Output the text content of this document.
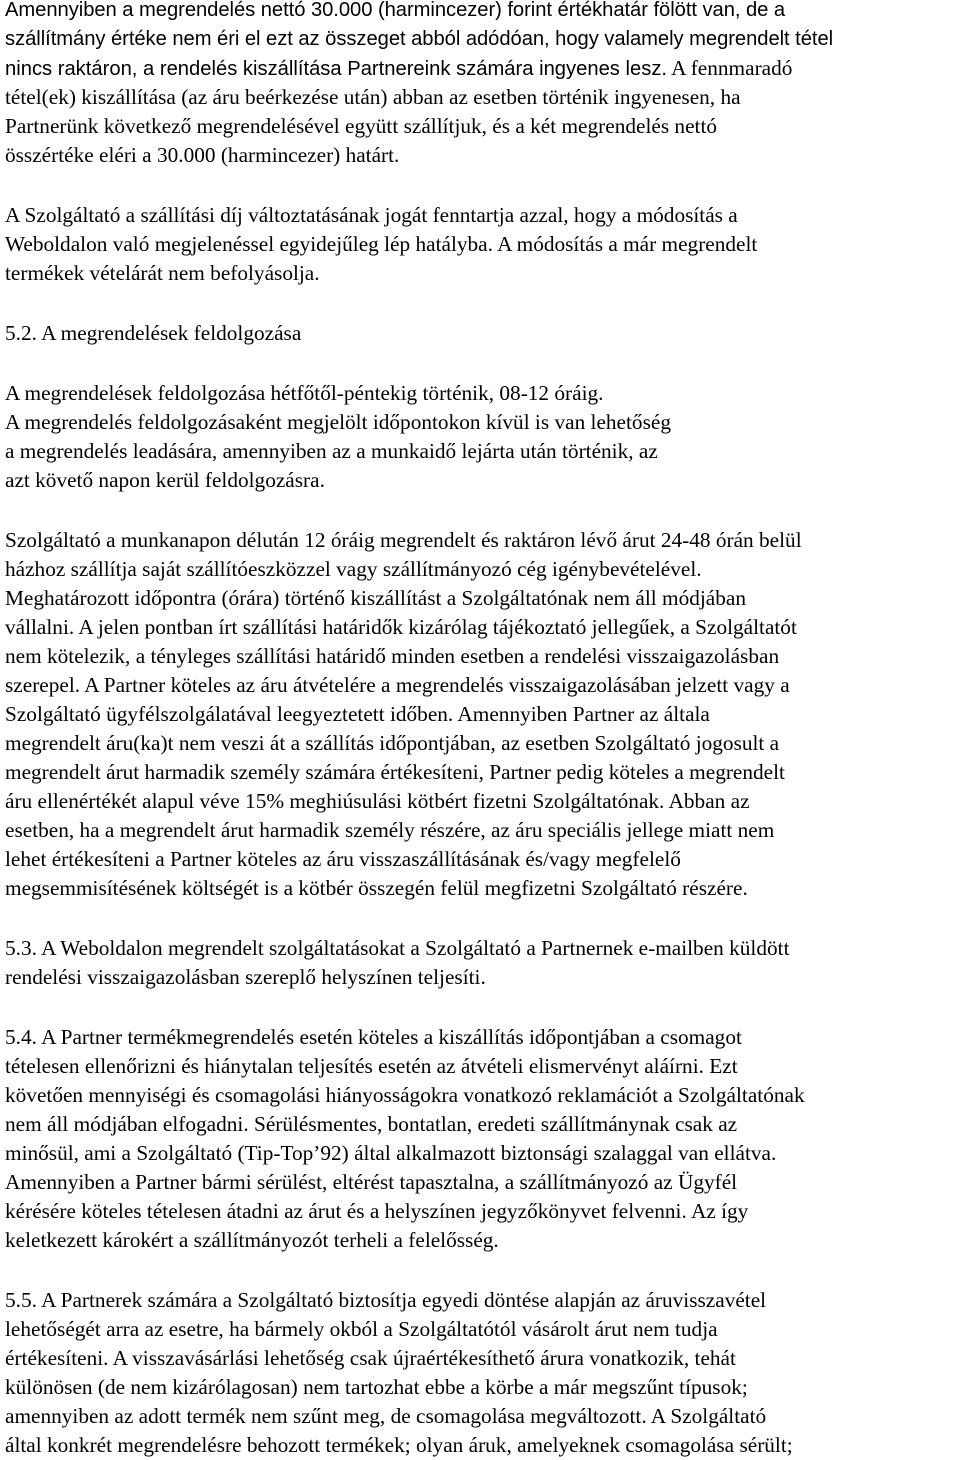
Amennyiben a megrendelés nettó 30.000 (harmincezer) forint értékhatár fölött van, de a
szállítmány értéke nem éri el ezt az összeget abból adódóan, hogy valamely megrendelt tétel
nincs raktáron, a rendelés kiszállítása Partnereink számára ingyenes lesz. A fennmaradó
tétel(ek) kiszállítása (az áru beérkezése után) abban az esetben történik ingyenesen, ha
Partnerünk következő megrendelésével együtt szállítjuk, és a két megrendelés nettó
összértéke eléri a 30.000 (harmincezer) határt.

A Szolgáltató a szállítási díj változtatásának jogát fenntartja azzal, hogy a módosítás a
Weboldalon való megjelenéssel egyidejűleg lép hatályba. A módosítás a már megrendelt
termékek vételárát nem befolyásolja.

5.2. A megrendelések feldolgozása

A megrendelések feldolgozása hétfőtől-péntekig történik, 08-12 óráig.
A megrendelés feldolgozásaként megjelölt időpontokon kívül is van lehetőség
a megrendelés leadására, amennyiben az a munkaidő lejárta után történik, az
azt követő napon kerül feldolgozásra.

Szolgáltató a munkanapon délután 12 óráig megrendelt és raktáron lévő árut 24-48 órán belül
házhoz szállítja saját szállítóeszközzel vagy szállítmányozó cég igénybevételével.
Meghatározott időpontra (órára) történő kiszállítást a Szolgáltatónak nem áll módjában
vállalni. A jelen pontban írt szállítási határidők kizárólag tájékoztató jellegűek, a Szolgáltatót
nem kötelezik, a tényleges szállítási határidő minden esetben a rendelési visszaigazolásban
szerepel. A Partner köteles az áru átvételére a megrendelés visszaigazolásában jelzett vagy a
Szolgáltató ügyfélszolgálatával leegyeztetett időben. Amennyiben Partner az általa
megrendelt áru(ka)t nem veszi át a szállítás időpontjában, az esetben Szolgáltató jogosult a
megrendelt árut harmadik személy számára értékesíteni, Partner pedig köteles a megrendelt
áru ellenértékét alapul véve 15% meghiúsulási kötbért fizetni Szolgáltatónak. Abban az
esetben, ha a megrendelt árut harmadik személy részére, az áru speciális jellege miatt nem
lehet értékesíteni a Partner köteles az áru visszaszállításának és/vagy megfelelő
megsemmisítésének költségét is a kötbér összegén felül megfizetni Szolgáltató részére.

5.3. A Weboldalon megrendelt szolgáltatásokat a Szolgáltató a Partnernek e-mailben küldött
rendelési visszaigazolásban szereplő helyszínen teljesíti.

5.4. A Partner termékmegrendelés esetén köteles a kiszállítás időpontjában a csomagot
tételesen ellenőrizni és hiánytalan teljesítés esetén az átvételi elismervényt aláírni. Ezt
követően mennyiségi és csomagolási hiányosságokra vonatkozó reklamációt a Szolgáltatónak
nem áll módjában elfogadni. Sérülésmentes, bontatlan, eredeti szállítmánynak csak az
minősül, ami a Szolgáltató (Tip-Top’92) által alkalmazott biztonsági szalaggal van ellátva.
Amennyiben a Partner bármi sérülést, eltérést tapasztalna, a szállítmányozó az Ügyfél
kérésére köteles tételesen átadni az árut és a helyszínen jegyzőkönyvet felvenni. Az így
keletkezett károkért a szállítmányozót terheli a felelősség.

5.5. A Partnerek számára a Szolgáltató biztosítja egyedi döntése alapján az áruvisszavétel
lehetőségét arra az esetre, ha bármely okból a Szolgáltatótól vásárolt árut nem tudja
értékesíteni. A visszavásárlási lehetőség csak újraértékesíthető árura vonatkozik, tehát
különösen (de nem kizárólagosan) nem tartozhat ebbe a körbe a már megszűnt típusok;
amennyiben az adott termék nem szűnt meg, de csomagolása megváltozott. A Szolgáltató
által konkrét megrendelésre behozott termékek; olyan áruk, amelyeknek csomagolása sérült;
